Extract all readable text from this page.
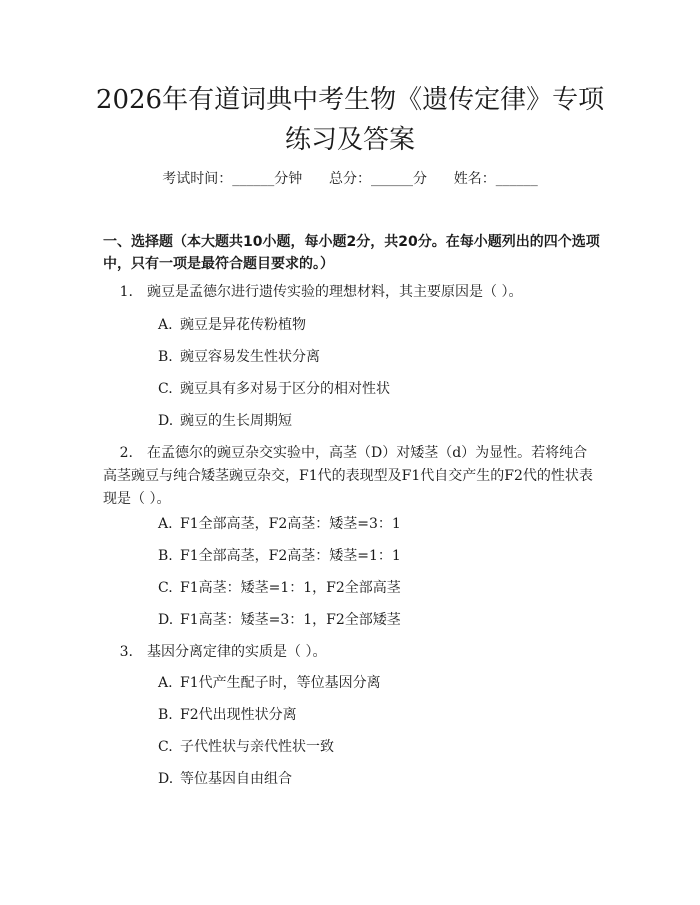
2026年有道词典中考生物《遗传定律》专项
练习及答案
考试时间：______分钟      总分：______分      姓名：______
一、选择题（本大题共10小题，每小题2分，共20分。在每小题列出的四个选项中，只有一项是最符合题目要求的。）
1. 豌豆是孟德尔进行遗传实验的理想材料，其主要原因是（ ）。
A. 豌豆是异花传粉植物
B. 豌豆容易发生性状分离
C. 豌豆具有多对易于区分的相对性状
D. 豌豆的生长周期短
2. 在孟德尔的豌豆杂交实验中，高茎（D）对矮茎（d）为显性。若将纯合高茎豌豆与纯合矮茎豌豆杂交，F1代的表现型及F1代自交产生的F2代的性状表现是（ ）。
A. F1全部高茎，F2高茎：矮茎=3：1
B. F1全部高茎，F2高茎：矮茎=1：1
C. F1高茎：矮茎=1：1，F2全部高茎
D. F1高茎：矮茎=3：1，F2全部矮茎
3. 基因分离定律的实质是（ ）。
A. F1代产生配子时，等位基因分离
B. F2代出现性状分离
C. 子代性状与亲代性状一致
D. 等位基因自由组合
